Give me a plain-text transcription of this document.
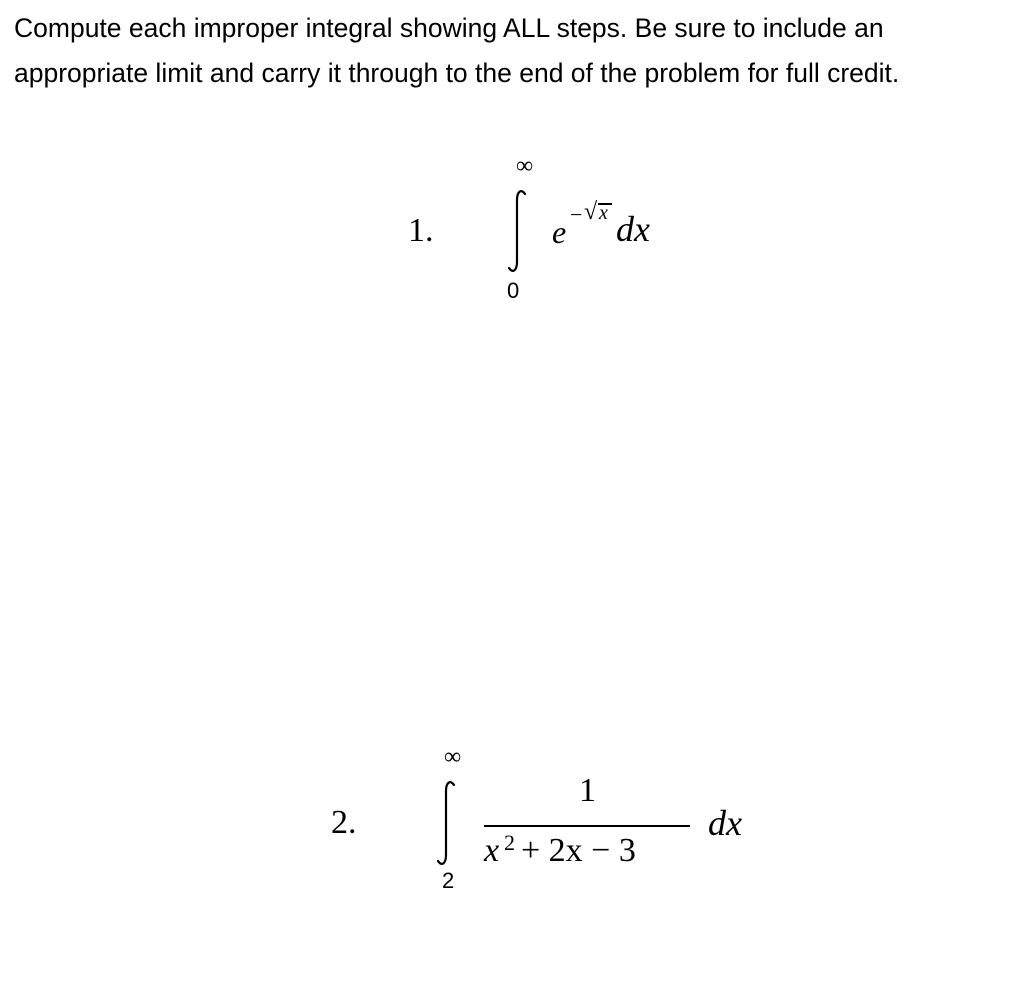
Compute each improper integral showing ALL steps. Be sure to include an
appropriate limit and carry it through to the end of the problem for full credit.
1.
∞
0
e − √ x dx
2.
∞
2
1
x 2 + 2x − 3
dx
